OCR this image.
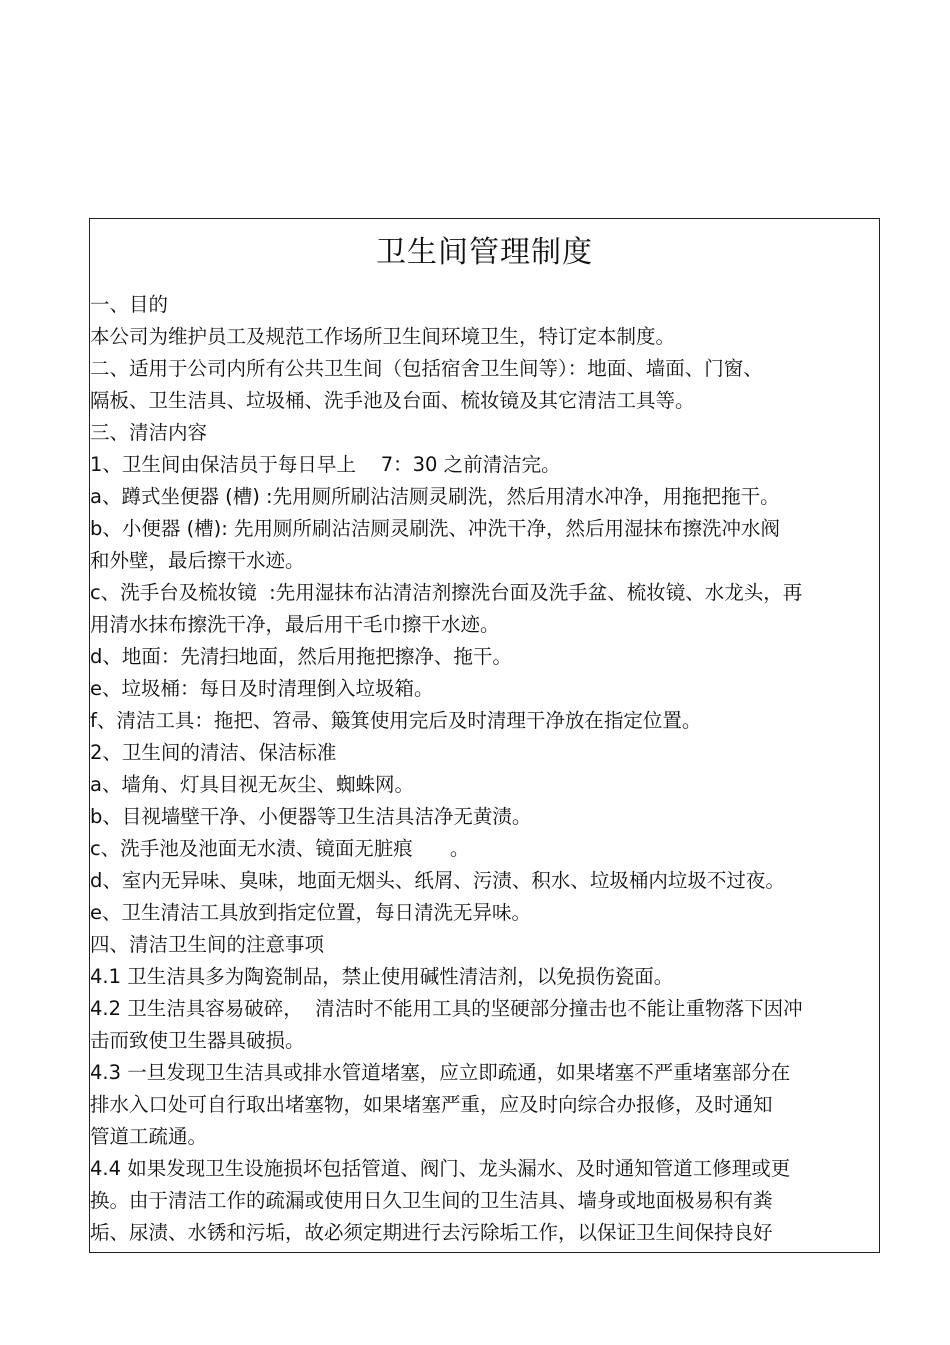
卫生间管理制度

一、目的

本公司为维护员工及规范工作场所卫生间环境卫生，特订定本制度。

二、适用于公司内所有公共卫生间（包括宿舍卫生间等）：地面、墙面、门窗、

隔板、卫生洁具、垃圾桶、洗手池及台面、梳妆镜及其它清洁工具等。

三、清洁内容

1、卫生间由保洁员于每日早上    7：30 之前清洁完。

a、蹲式坐便器 (槽) :先用厕所刷沾洁厕灵刷洗，然后用清水冲净，用拖把拖干。

b、小便器 (槽): 先用厕所刷沾洁厕灵刷洗、冲洗干净，然后用湿抹布擦洗冲水阀

和外壁，最后擦干水迹。

c、洗手台及梳妆镜  :先用湿抹布沾清洁剂擦洗台面及洗手盆、梳妆镜、水龙头，再

用清水抹布擦洗干净，最后用干毛巾擦干水迹。

d、地面：先清扫地面，然后用拖把擦净、拖干。

e、垃圾桶：每日及时清理倒入垃圾箱。

f、清洁工具：拖把、笤帚、簸箕使用完后及时清理干净放在指定位置。

2、卫生间的清洁、保洁标准

a、墙角、灯具目视无灰尘、蜘蛛网。

b、目视墙壁干净、小便器等卫生洁具洁净无黄渍。

c、洗手池及池面无水渍、镜面无脏痕      。

d、室内无异味、臭味，地面无烟头、纸屑、污渍、积水、垃圾桶内垃圾不过夜。

e、卫生清洁工具放到指定位置，每日清洗无异味。

四、清洁卫生间的注意事项

4.1 卫生洁具多为陶瓷制品，禁止使用碱性清洁剂，以免损伤瓷面。

4.2 卫生洁具容易破碎，  清洁时不能用工具的坚硬部分撞击也不能让重物落下因冲

击而致使卫生器具破损。

4.3 一旦发现卫生洁具或排水管道堵塞，应立即疏通，如果堵塞不严重堵塞部分在

排水入口处可自行取出堵塞物，如果堵塞严重，应及时向综合办报修，及时通知

管道工疏通。

4.4 如果发现卫生设施损坏包括管道、阀门、龙头漏水、及时通知管道工修理或更

换。由于清洁工作的疏漏或使用日久卫生间的卫生洁具、墙身或地面极易积有粪

垢、尿渍、水锈和污垢，故必须定期进行去污除垢工作，以保证卫生间保持良好
